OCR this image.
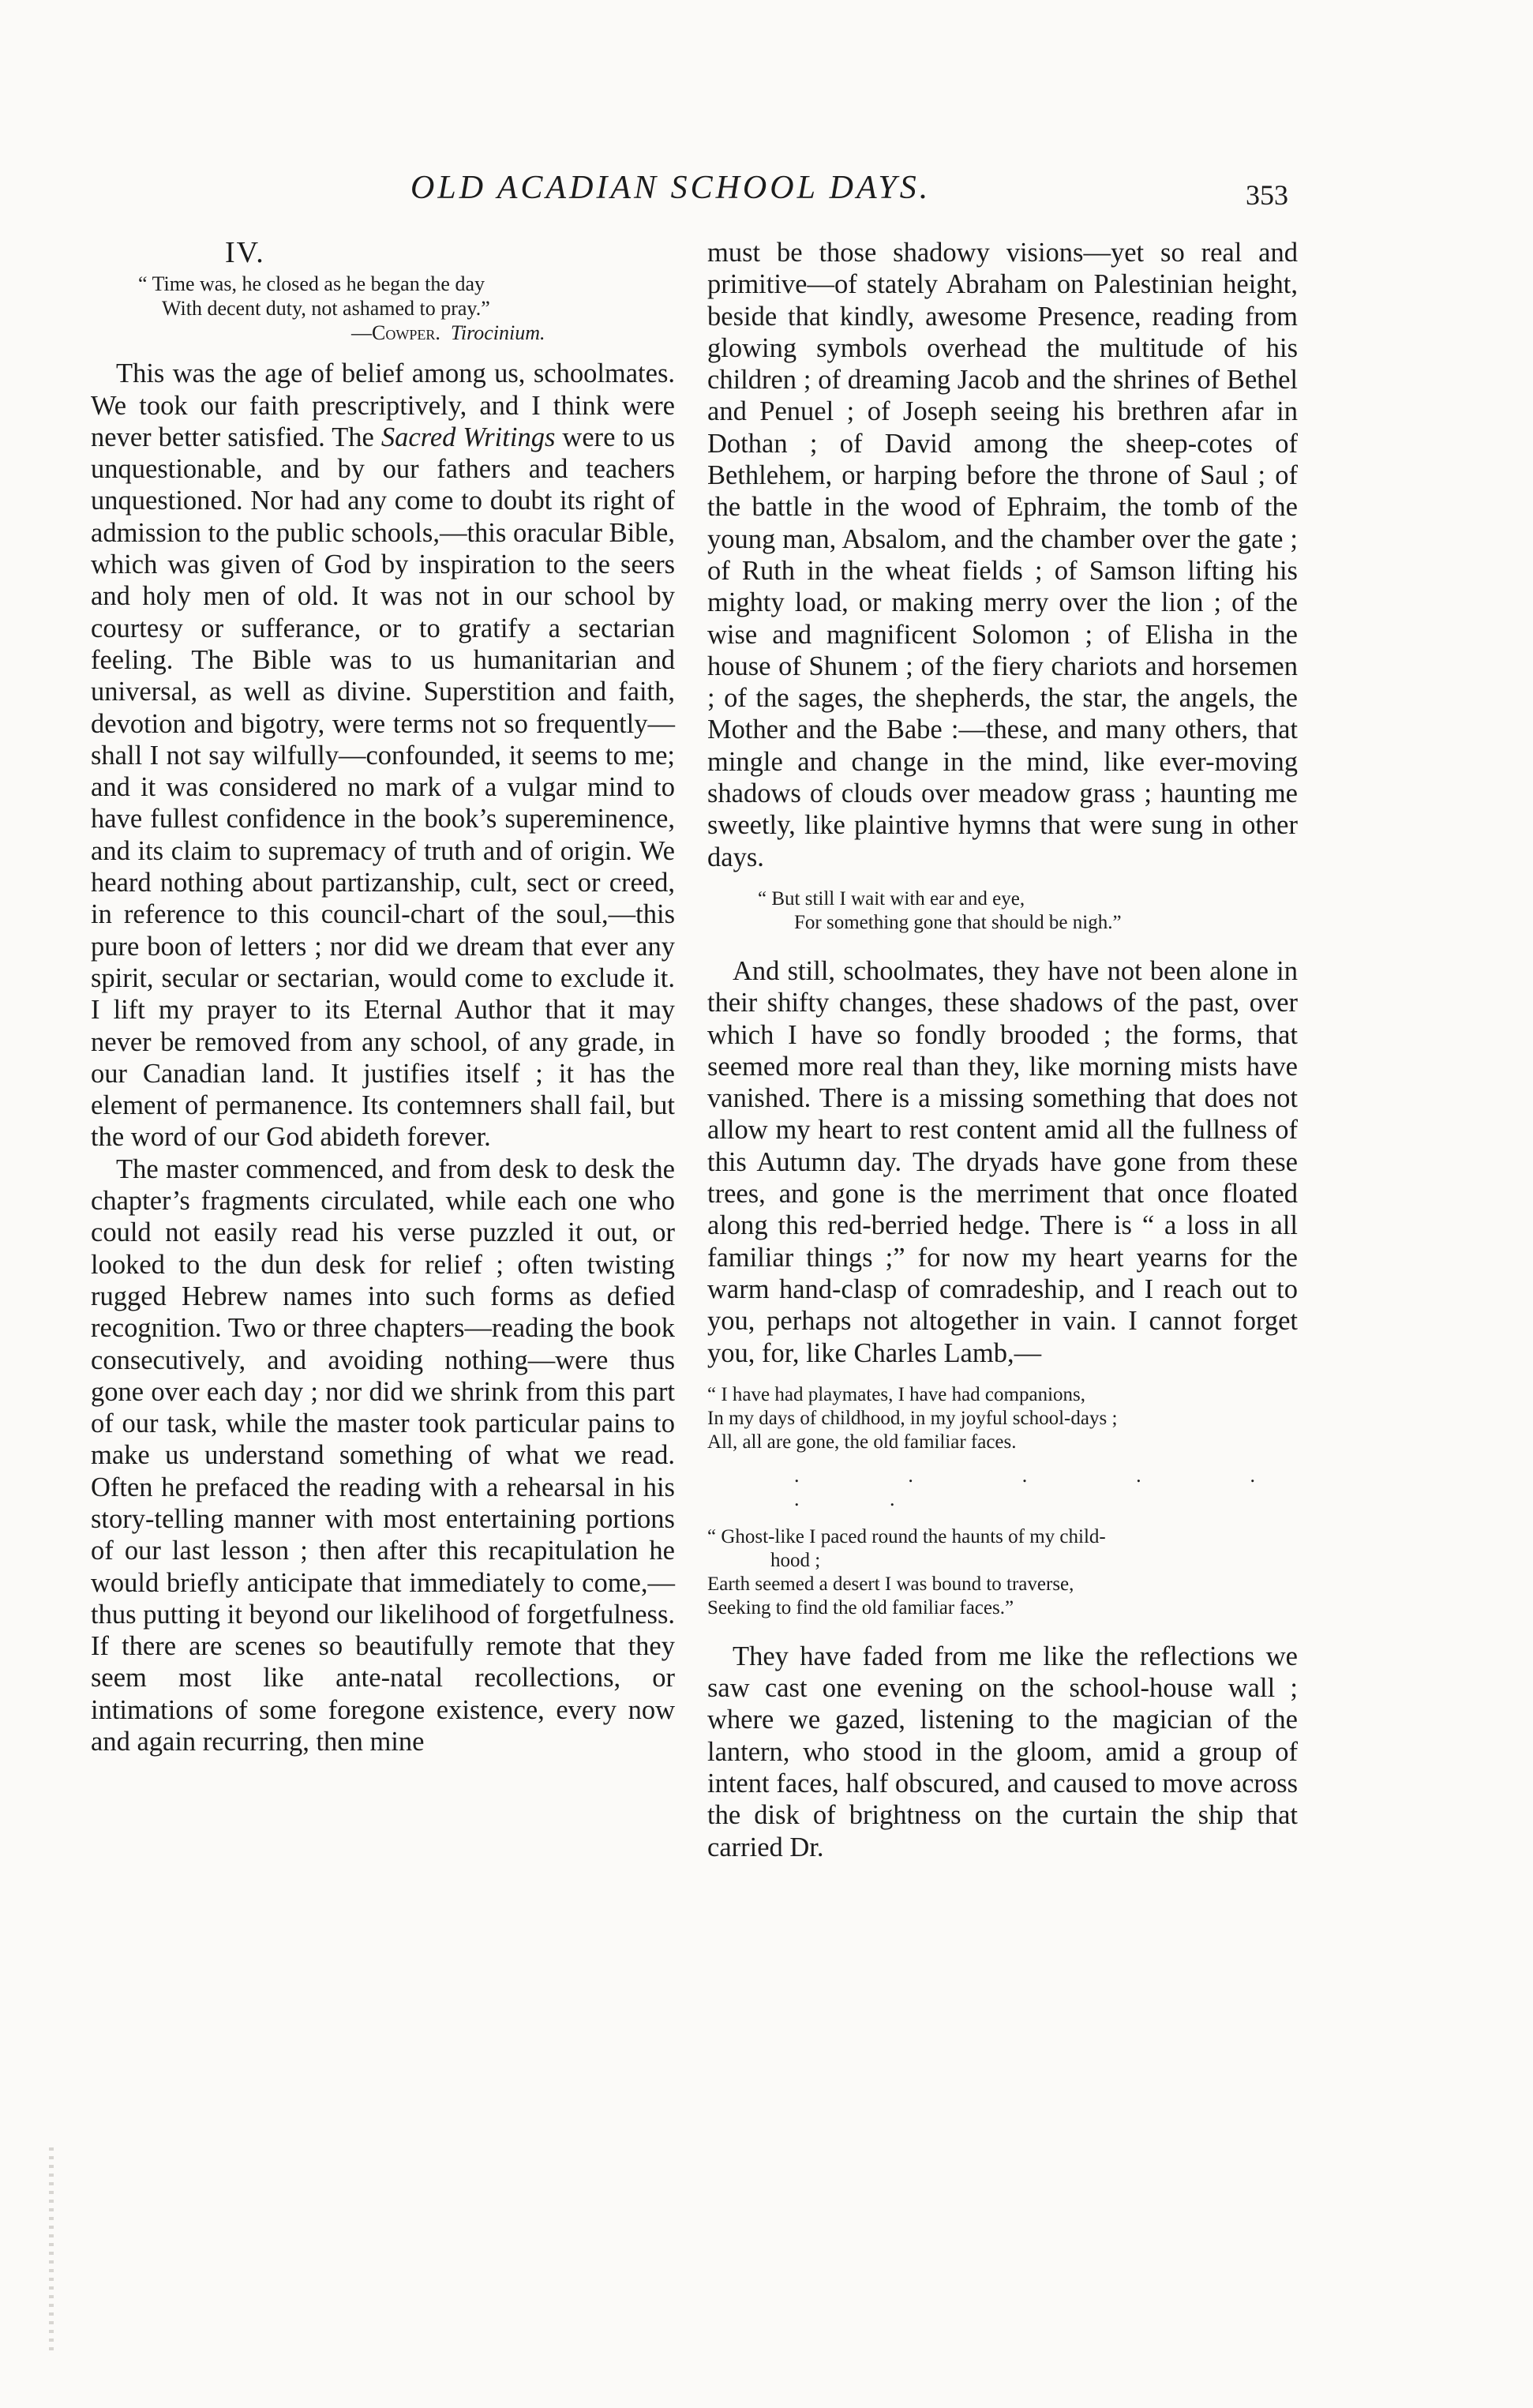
OLD ACADIAN SCHOOL DAYS.	353
IV.
“ Time was, he closed as he began the day
With decent duty, not ashamed to pray.”
—Cowper. Tirocinium.

This was the age of belief among us, schoolmates. We took our faith prescriptively, and I think were never better satisfied. The Sacred Writings were to us unquestionable, and by our fathers and teachers unquestioned. Nor had any come to doubt its right of admission to the public schools,—this oracular Bible, which was given of God by inspiration to the seers and holy men of old. It was not in our school by courtesy or sufferance, or to gratify a sectarian feeling. The Bible was to us humanitarian and universal, as well as divine. Superstition and faith, devotion and bigotry, were terms not so frequently—shall I not say wilfully—confounded, it seems to me; and it was considered no mark of a vulgar mind to have fullest confidence in the book’s supereminence, and its claim to supremacy of truth and of origin. We heard nothing about partizanship, cult, sect or creed, in reference to this council-chart of the soul,—this pure boon of letters ; nor did we dream that ever any spirit, secular or sectarian, would come to exclude it. I lift my prayer to its Eternal Author that it may never be removed from any school, of any grade, in our Canadian land. It justifies itself ; it has the element of permanence. Its contemners shall fail, but the word of our God abideth forever.

The master commenced, and from desk to desk the chapter’s fragments circulated, while each one who could not easily read his verse puzzled it out, or looked to the dun desk for relief ; often twisting rugged Hebrew names into such forms as defied recognition. Two or three chapters—reading the book consecutively, and avoiding nothing—were thus gone over each day ; nor did we shrink from this part of our task, while the master took particular pains to make us understand something of what we read. Often he prefaced the reading with a rehearsal in his story-telling manner with most entertaining portions of our last lesson ; then after this recapitulation he would briefly anticipate that immediately to come,—thus putting it beyond our likelihood of forgetfulness. If there are scenes so beautifully remote that they seem most like ante-natal recollections, or intimations of some foregone existence, every now and again recurring, then mine

must be those shadowy visions—yet so real and primitive—of stately Abraham on Palestinian height, beside that kindly, awesome Presence, reading from glowing symbols overhead the multitude of his children ; of dreaming Jacob and the shrines of Bethel and Penuel ; of Joseph seeing his brethren afar in Dothan ; of David among the sheep-cotes of Bethlehem, or harping before the throne of Saul ; of the battle in the wood of Ephraim, the tomb of the young man, Absalom, and the chamber over the gate ; of Ruth in the wheat fields ; of Samson lifting his mighty load, or making merry over the lion ; of the wise and magnificent Solomon ; of Elisha in the house of Shunem ; of the fiery chariots and horsemen ; of the sages, the shepherds, the star, the angels, the Mother and the Babe :—these, and many others, that mingle and change in the mind, like ever-moving shadows of clouds over meadow grass ; haunting me sweetly, like plaintive hymns that were sung in other days.

“ But still I wait with ear and eye,
For something gone that should be nigh.”

And still, schoolmates, they have not been alone in their shifty changes, these shadows of the past, over which I have so fondly brooded ; the forms, that seemed more real than they, like morning mists have vanished. There is a missing something that does not allow my heart to rest content amid all the fullness of this Autumn day. The dryads have gone from these trees, and gone is the merriment that once floated along this red-berried hedge. There is “ a loss in all familiar things ;” for now my heart yearns for the warm hand-clasp of comradeship, and I reach out to you, perhaps not altogether in vain. I cannot forget you, for, like Charles Lamb,—

“ I have had playmates, I have had companions,
In my days of childhood, in my joyful school-days ;
All, all are gone, the old familiar faces.
. . . . . . .
“ Ghost-like I paced round the haunts of my child-
hood ;
Earth seemed a desert I was bound to traverse,
Seeking to find the old familiar faces.”

They have faded from me like the reflections we saw cast one evening on the school-house wall ; where we gazed, listening to the magician of the lantern, who stood in the gloom, amid a group of intent faces, half obscured, and caused to move across the disk of brightness on the curtain the ship that carried Dr.
